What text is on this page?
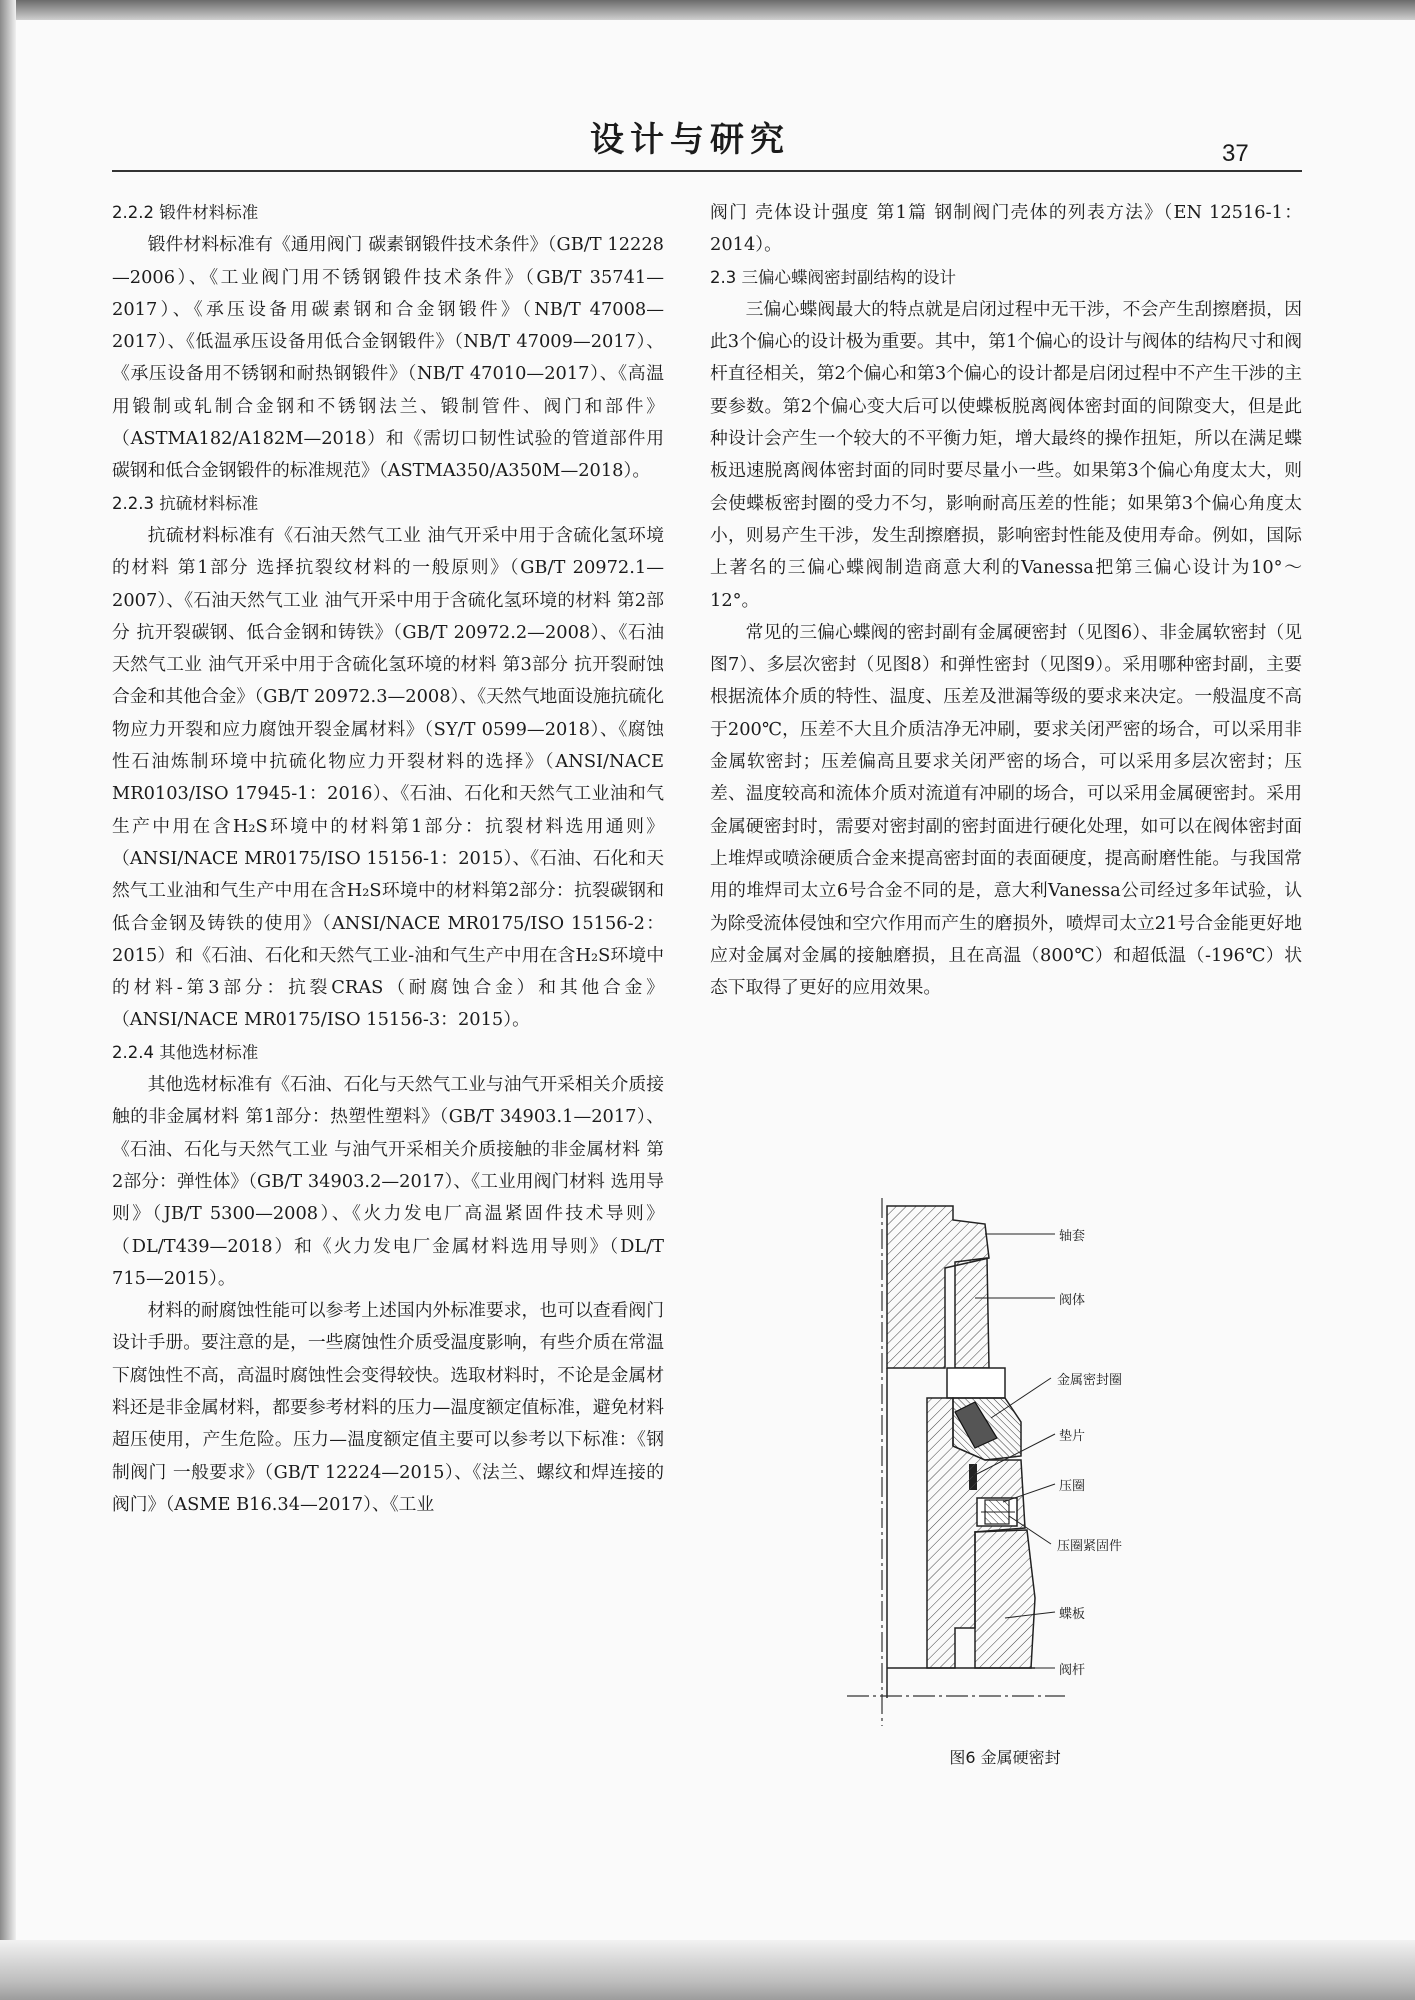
设计与研究	37

2.2.2 锻件材料标准

锻件材料标准有《通用阀门 碳素钢锻件技术条件》（GB/T 12228—2006）、《工业阀门用不锈钢锻件技术条件》（GB/T 35741—2017）、《承压设备用碳素钢和合金钢锻件》（NB/T 47008—2017）、《低温承压设备用低合金钢锻件》（NB/T 47009—2017）、《承压设备用不锈钢和耐热钢锻件》（NB/T 47010—2017）、《高温用锻制或轧制合金钢和不锈钢法兰、锻制管件、阀门和部件》（ASTMA182/A182M—2018）和《需切口韧性试验的管道部件用碳钢和低合金钢锻件的标准规范》（ASTMA350/A350M—2018）。

2.2.3 抗硫材料标准

抗硫材料标准有《石油天然气工业 油气开采中用于含硫化氢环境的材料 第1部分 选择抗裂纹材料的一般原则》（GB/T 20972.1—2007）、《石油天然气工业 油气开采中用于含硫化氢环境的材料 第2部分 抗开裂碳钢、低合金钢和铸铁》（GB/T 20972.2—2008）、《石油天然气工业 油气开采中用于含硫化氢环境的材料 第3部分 抗开裂耐蚀合金和其他合金》（GB/T 20972.3—2008）、《天然气地面设施抗硫化物应力开裂和应力腐蚀开裂金属材料》（SY/T 0599—2018）、《腐蚀性石油炼制环境中抗硫化物应力开裂材料的选择》（ANSI/NACE MR0103/ISO 17945-1：2016）、《石油、石化和天然气工业油和气生产中用在含H₂S环境中的材料第1部分：抗裂材料选用通则》（ANSI/NACE MR0175/ISO 15156-1：2015）、《石油、石化和天然气工业油和气生产中用在含H₂S环境中的材料第2部分：抗裂碳钢和低合金钢及铸铁的使用》（ANSI/NACE MR0175/ISO 15156-2：2015）和《石油、石化和天然气工业-油和气生产中用在含H₂S环境中的材料-第3部分：抗裂CRAS（耐腐蚀合金）和其他合金》（ANSI/NACE MR0175/ISO 15156-3：2015）。

2.2.4 其他选材标准

其他选材标准有《石油、石化与天然气工业与油气开采相关介质接触的非金属材料 第1部分：热塑性塑料》（GB/T 34903.1—2017）、《石油、石化与天然气工业 与油气开采相关介质接触的非金属材料 第2部分：弹性体》（GB/T 34903.2—2017）、《工业用阀门材料 选用导则》（JB/T 5300—2008）、《火力发电厂高温紧固件技术导则》（DL/T439—2018）和《火力发电厂金属材料选用导则》（DL/T 715—2015）。

材料的耐腐蚀性能可以参考上述国内外标准要求，也可以查看阀门设计手册。要注意的是，一些腐蚀性介质受温度影响，有些介质在常温下腐蚀性不高，高温时腐蚀性会变得较快。选取材料时，不论是金属材料还是非金属材料，都要参考材料的压力—温度额定值标准，避免材料超压使用，产生危险。压力—温度额定值主要可以参考以下标准：《钢制阀门 一般要求》（GB/T 12224—2015）、《法兰、螺纹和焊连接的阀门》（ASME B16.34—2017）、《工业

阀门 壳体设计强度 第1篇 钢制阀门壳体的列表方法》（EN 12516-1：2014）。

2.3 三偏心蝶阀密封副结构的设计

三偏心蝶阀最大的特点就是启闭过程中无干涉，不会产生刮擦磨损，因此3个偏心的设计极为重要。其中，第1个偏心的设计与阀体的结构尺寸和阀杆直径相关，第2个偏心和第3个偏心的设计都是启闭过程中不产生干涉的主要参数。第2个偏心变大后可以使蝶板脱离阀体密封面的间隙变大，但是此种设计会产生一个较大的不平衡力矩，增大最终的操作扭矩，所以在满足蝶板迅速脱离阀体密封面的同时要尽量小一些。如果第3个偏心角度太大，则会使蝶板密封圈的受力不匀，影响耐高压差的性能；如果第3个偏心角度太小，则易产生干涉，发生刮擦磨损，影响密封性能及使用寿命。例如，国际上著名的三偏心蝶阀制造商意大利的Vanessa把第三偏心设计为10°～12°。

常见的三偏心蝶阀的密封副有金属硬密封（见图6）、非金属软密封（见图7）、多层次密封（见图8）和弹性密封（见图9）。采用哪种密封副，主要根据流体介质的特性、温度、压差及泄漏等级的要求来决定。一般温度不高于200℃，压差不大且介质洁净无冲刷，要求关闭严密的场合，可以采用非金属软密封；压差偏高且要求关闭严密的场合，可以采用多层次密封；压差、温度较高和流体介质对流道有冲刷的场合，可以采用金属硬密封。采用金属硬密封时，需要对密封副的密封面进行硬化处理，如可以在阀体密封面上堆焊或喷涂硬质合金来提高密封面的表面硬度，提高耐磨性能。与我国常用的堆焊司太立6号合金不同的是，意大利Vanessa公司经过多年试验，认为除受流体侵蚀和空穴作用而产生的磨损外，喷焊司太立21号合金能更好地应对金属对金属的接触磨损，且在高温（800℃）和超低温（-196℃）状态下取得了更好的应用效果。

轴套
阀体
金属密封圈
垫片
压圈
压圈紧固件
蝶板
阀杆
图6 金属硬密封
